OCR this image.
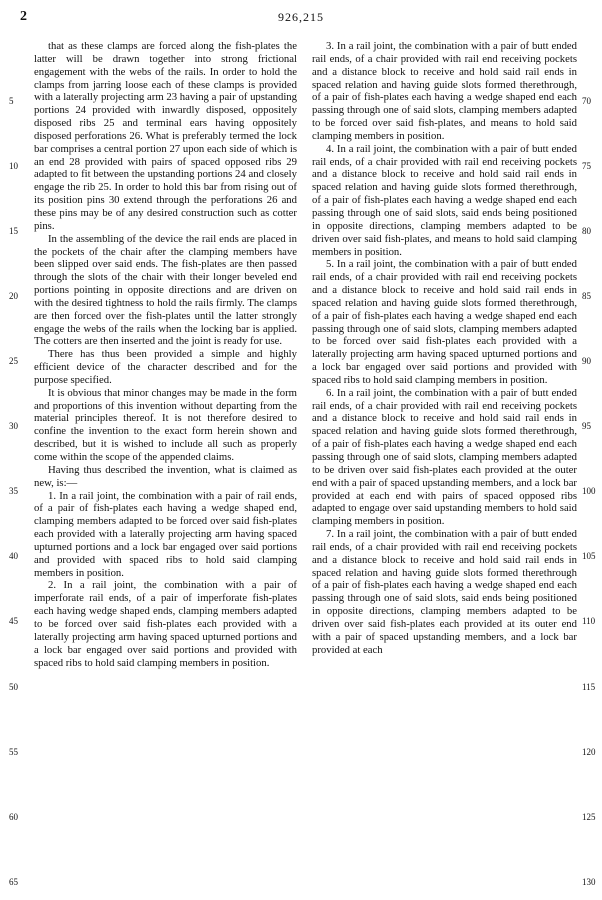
2	926,215

that as these clamps are forced along the fish-plates the latter will be drawn together into strong frictional engagement with the webs of the rails. In order to hold the clamps from jarring loose each of these clamps is provided with a laterally projecting arm 23 having a pair of upstanding portions 24 provided with inwardly disposed, oppositely disposed ribs 25 and terminal ears having oppositely disposed perforations 26. What is preferably termed the lock bar comprises a central portion 27 upon each side of which is an end 28 provided with pairs of spaced opposed ribs 29 adapted to fit between the upstanding portions 24 and closely engage the rib 25. In order to hold this bar from rising out of its position pins 30 extend through the perforations 26 and these pins may be of any desired construction such as cotter pins.

In the assembling of the device the rail ends are placed in the pockets of the chair after the clamping members have been slipped over said ends. The fish-plates are then passed through the slots of the chair with their longer beveled end portions pointing in opposite directions and are driven on with the desired tightness to hold the rails firmly. The clamps are then forced over the fish-plates until the latter strongly engage the webs of the rails when the locking bar is applied. The cotters are then inserted and the joint is ready for use.

There has thus been provided a simple and highly efficient device of the character described and for the purpose specified.

It is obvious that minor changes may be made in the form and proportions of this invention without departing from the material principles thereof. It is not therefore desired to confine the invention to the exact form herein shown and described, but it is wished to include all such as properly come within the scope of the appended claims.

Having thus described the invention, what is claimed as new, is:—

1. In a rail joint, the combination with a pair of rail ends, of a pair of fish-plates each having a wedge shaped end, clamping members adapted to be forced over said fish-plates each provided with a laterally projecting arm having spaced upturned portions and a lock bar engaged over said portions and provided with spaced ribs to hold said clamping members in position.

2. In a rail joint, the combination with a pair of imperforate rail ends, of a pair of imperforate fish-plates each having wedge shaped ends, clamping members adapted to be forced over said fish-plates each provided with a laterally projecting arm having spaced upturned portions and a lock bar engaged over said portions and provided with spaced ribs to hold said clamping members in position.

3. In a rail joint, the combination with a pair of butt ended rail ends, of a chair provided with rail end receiving pockets and a distance block to receive and hold said rail ends in spaced relation and having guide slots formed therethrough, of a pair of fish-plates each having a wedge shaped end each passing through one of said slots, clamping members adapted to be forced over said fish-plates, and means to hold said clamping members in position.

4. In a rail joint, the combination with a pair of butt ended rail ends, of a chair provided with rail end receiving pockets and a distance block to receive and hold said rail ends in spaced relation and having guide slots formed therethrough, of a pair of fish-plates each having a wedge shaped end each passing through one of said slots, said ends being positioned in opposite directions, clamping members adapted to be driven over said fish-plates, and means to hold said clamping members in position.

5. In a rail joint, the combination with a pair of butt ended rail ends, of a chair provided with rail end receiving pockets and a distance block to receive and hold said rail ends in spaced relation and having guide slots formed therethrough, of a pair of fish-plates each having a wedge shaped end each passing through one of said slots, clamping members adapted to be forced over said fish-plates each provided with a laterally projecting arm having spaced upturned portions and a lock bar engaged over said portions and provided with spaced ribs to hold said clamping members in position.

6. In a rail joint, the combination with a pair of butt ended rail ends, of a chair provided with rail end receiving pockets and a distance block to receive and hold said rail ends in spaced relation and having guide slots formed therethrough, of a pair of fish-plates each having a wedge shaped end each passing through one of said slots, clamping members adapted to be driven over said fish-plates each provided at the outer end with a pair of spaced upstanding members, and a lock bar provided at each end with pairs of spaced opposed ribs adapted to engage over said upstanding members to hold said clamping members in position.

7. In a rail joint, the combination with a pair of butt ended rail ends, of a chair provided with rail end receiving pockets and a distance block to receive and hold said rail ends in spaced relation and having guide slots formed therethrough of a pair of fish-plates each having a wedge shaped end each passing through one of said slots, said ends being positioned in opposite directions, clamping members adapted to be driven over said fish-plates each provided at its outer end with a pair of spaced upstanding members, and a lock bar provided at each

5
10
15
20
25
30
35
40
45
50
55
60
65
70
75
80
85
90
95
100
105
110
115
120
125
130
